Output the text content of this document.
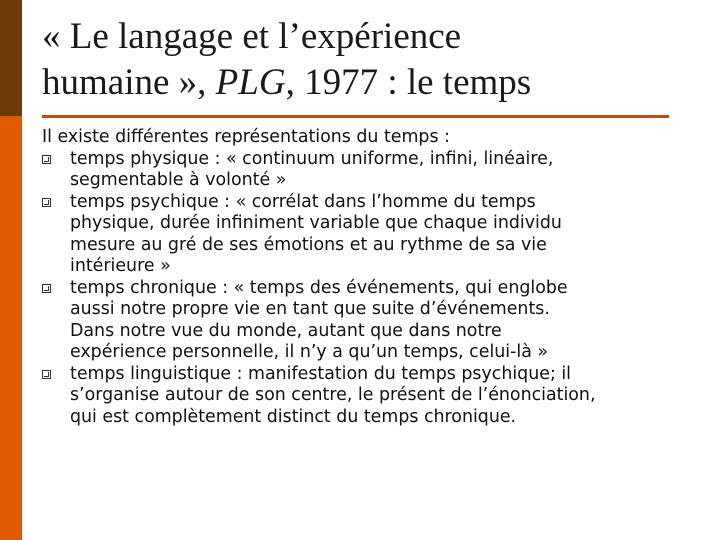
« Le langage et l’expérience
humaine », PLG, 1977 : le temps
Il existe différentes représentations du temps :
temps physique : « continuum uniforme, infini, linéaire,
segmentable à volonté »
temps psychique : « corrélat dans l’homme du temps
physique, durée infiniment variable que chaque individu
mesure au gré de ses émotions et au rythme de sa vie
intérieure »
temps chronique : « temps des événements, qui englobe
aussi notre propre vie en tant que suite d’événements.
Dans notre vue du monde, autant que dans notre
expérience personnelle, il n’y a qu’un temps, celui-là »
temps linguistique : manifestation du temps psychique; il
s’organise autour de son centre, le présent de l’énonciation,
qui est complètement distinct du temps chronique.
